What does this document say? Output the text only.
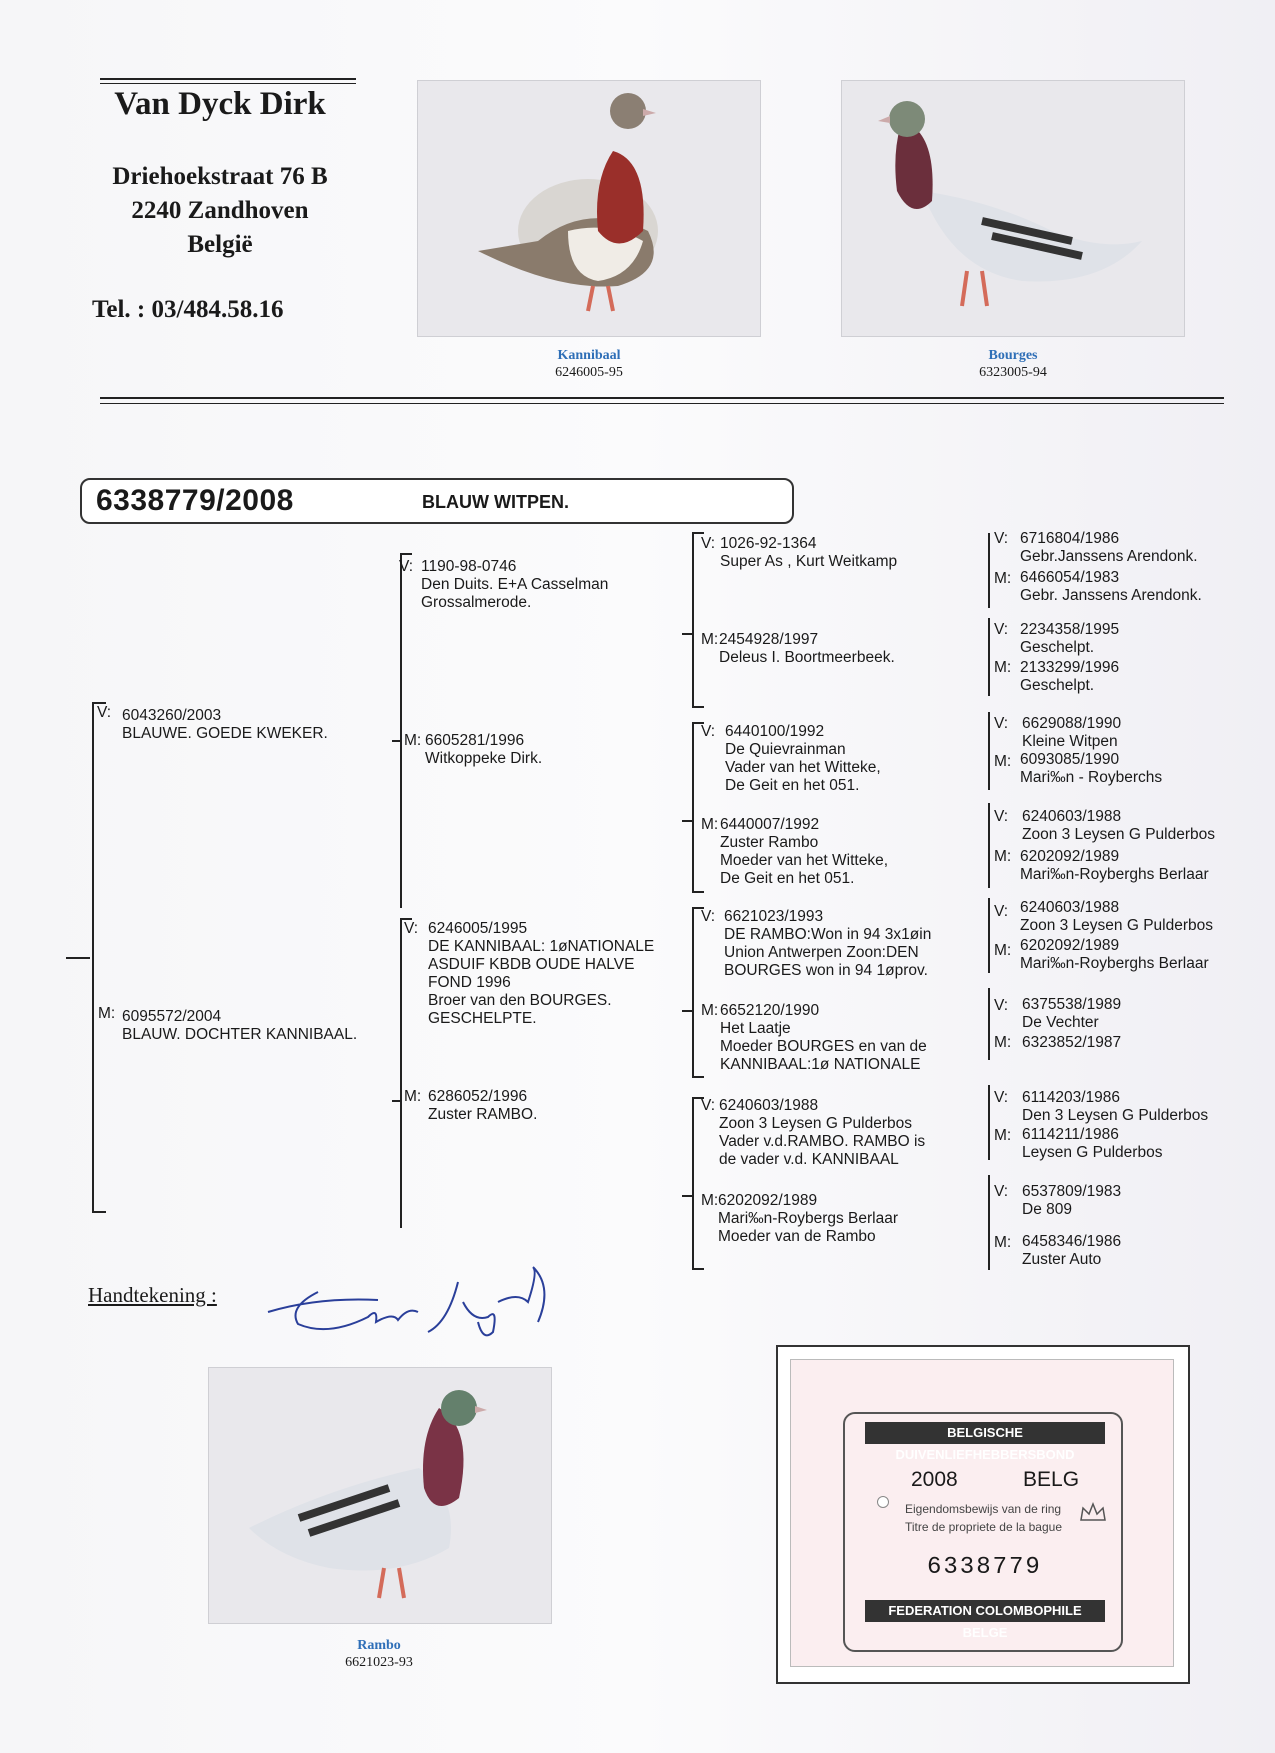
Van Dyck Dirk
Driehoekstraat 76 B
2240 Zandhoven
België
Tel. : 03/484.58.16
Kannibaal
6246005-95
Bourges
6323005-94
6338779/2008	BLAUW WITPEN.
V: 6043260/2003
BLAUWE. GOEDE KWEKER.
M: 6095572/2004
BLAUW. DOCHTER KANNIBAAL.
V: 1190-98-0746
Den Duits. E+A Casselman
Grossalmerode.
M: 6605281/1996
Witkoppeke Dirk.
V: 6246005/1995
DE KANNIBAAL: 1øNATIONALE
ASDUIF KBDB OUDE HALVE
FOND 1996
Broer van den BOURGES.
GESCHELPTE.
M: 6286052/1996
Zuster RAMBO.
V: 1026-92-1364
Super As , Kurt Weitkamp
M: 2454928/1997
Deleus I. Boortmeerbeek.
V: 6440100/1992
De Quievrainman
Vader van het Witteke,
De Geit en het 051.
M: 6440007/1992
Zuster Rambo
Moeder van het Witteke,
De Geit en het 051.
V: 6621023/1993
DE RAMBO:Won in 94 3x1øin
Union Antwerpen Zoon:DEN
BOURGES won in 94 1øprov.
M: 6652120/1990
Het Laatje
Moeder BOURGES en van de
KANNIBAAL:1ø NATIONALE
V: 6240603/1988
Zoon 3 Leysen G Pulderbos
Vader v.d.RAMBO. RAMBO is
de vader v.d. KANNIBAAL
M: 6202092/1989
Mari‰n-Roybergs Berlaar
Moeder van de Rambo
V: 6716804/1986
Gebr.Janssens Arendonk.
M: 6466054/1983
Gebr. Janssens Arendonk.
V: 2234358/1995
Geschelpt.
M: 2133299/1996
Geschelpt.
V: 6629088/1990
Kleine Witpen
M: 6093085/1990
Mari‰n - Royberchs
V: 6240603/1988
Zoon 3 Leysen G Pulderbos
M: 6202092/1989
Mari‰n-Roybergh‍s Berlaar
V: 6240603/1988
Zoon 3 Leysen G Pulderbos
M: 6202092/1989
Mari‰n-Roybergh‍s Berlaar
V: 6375538/1989
De Vechter
M: 6323852/1987
V: 6114203/1986
Den 3 Leysen G Pulderbos
M: 6114211/1986
Leysen G Pulderbos
V: 6537809/1983
De 809
M: 6458346/1986
Zuster Auto
Handtekening :
Rambo
6621023-93
BELGISCHE DUIVENLIEFHEBBERSBOND
2008	BELG
Eigendomsbewijs van de ring
Titre de propriete de la bague
6338779
FEDERATION COLOMBOPHILE BELGE
